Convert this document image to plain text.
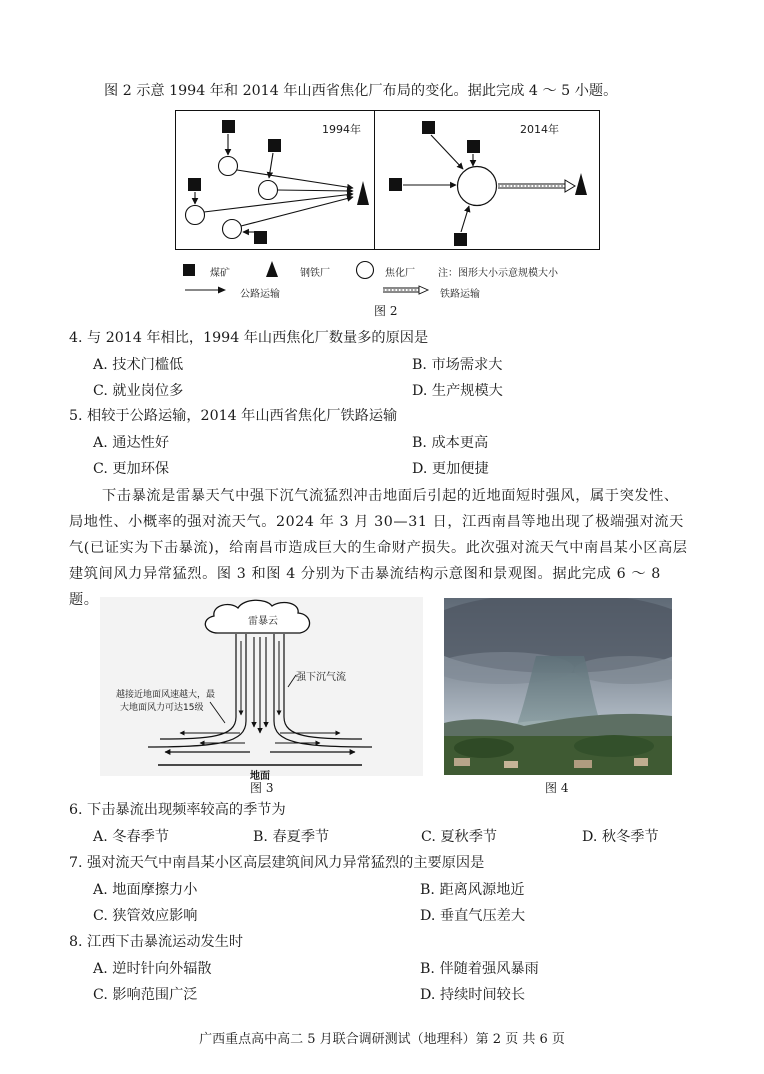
图 2 示意 1994 年和 2014 年山西省焦化厂布局的变化。据此完成 4 ～ 5 小题。
1994年	2014年
煤矿	钢铁厂	焦化厂 注：图形大小示意规模大小
公路运输	铁路运输
图 2
4. 与 2014 年相比，1994 年山西焦化厂数量多的原因是
A. 技术门槛低	B. 市场需求大
C. 就业岗位多	D. 生产规模大
5. 相较于公路运输，2014 年山西省焦化厂铁路运输
A. 通达性好	B. 成本更高
C. 更加环保	D. 更加便捷
下击暴流是雷暴天气中强下沉气流猛烈冲击地面后引起的近地面短时强风，属于突发性、局地性、小概率的强对流天气。2024 年 3 月 30—31 日，江西南昌等地出现了极端强对流天气(已证实为下击暴流)，给南昌市造成巨大的生命财产损失。此次强对流天气中南昌某小区高层建筑间风力异常猛烈。图 3 和图 4 分别为下击暴流结构示意图和景观图。据此完成 6 ～ 8 题。
雷暴云
强下沉气流
越接近地面风速越大，最
大地面风力可达15级
地面
图 3	图 4
6. 下击暴流出现频率较高的季节为
A. 冬春季节	B. 春夏季节	C. 夏秋季节	D. 秋冬季节
7. 强对流天气中南昌某小区高层建筑间风力异常猛烈的主要原因是
A. 地面摩擦力小	B. 距离风源地近
C. 狭管效应影响	D. 垂直气压差大
8. 江西下击暴流运动发生时
A. 逆时针向外辐散	B. 伴随着强风暴雨
C. 影响范围广泛	D. 持续时间较长
广西重点高中高二 5 月联合调研测试（地理科）第 2 页 共 6 页
